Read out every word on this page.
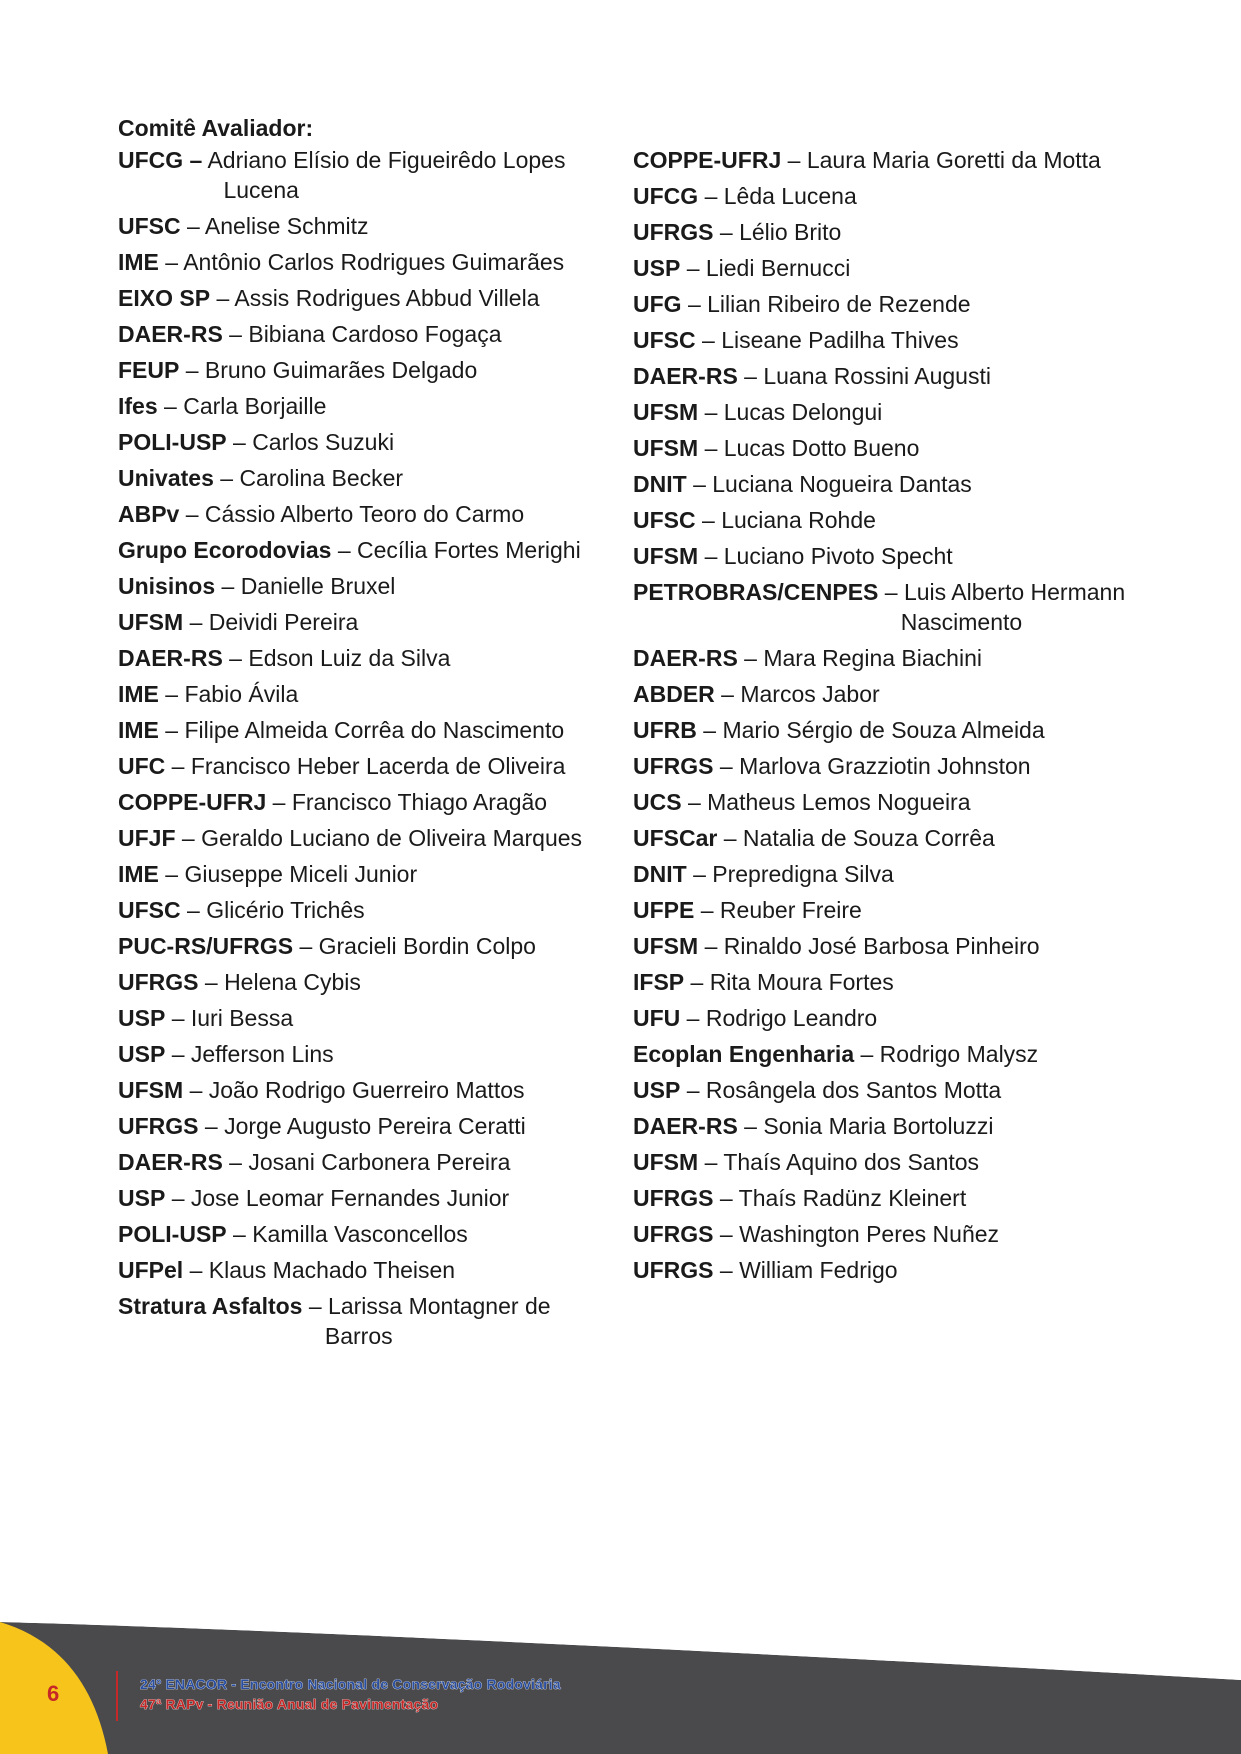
Comitê Avaliador:

UFCG – Adriano Elísio de Figueirêdo Lopes
Lucena

UFSC – Anelise Schmitz

IME – Antônio Carlos Rodrigues Guimarães

EIXO SP – Assis Rodrigues Abbud Villela

DAER-RS – Bibiana Cardoso Fogaça

FEUP – Bruno Guimarães Delgado

Ifes – Carla Borjaille

POLI-USP – Carlos Suzuki

Univates – Carolina Becker

ABPv – Cássio Alberto Teoro do Carmo

Grupo Ecorodovias – Cecília Fortes Merighi

Unisinos – Danielle Bruxel

UFSM – Deividi Pereira

DAER-RS – Edson Luiz da Silva

IME – Fabio Ávila

IME – Filipe Almeida Corrêa do Nascimento

UFC – Francisco Heber Lacerda de Oliveira

COPPE-UFRJ – Francisco Thiago Aragão

UFJF – Geraldo Luciano de Oliveira Marques

IME – Giuseppe Miceli Junior

UFSC – Glicério Trichês

PUC-RS/UFRGS – Gracieli Bordin Colpo

UFRGS – Helena Cybis

USP – Iuri Bessa

USP – Jefferson Lins

UFSM – João Rodrigo Guerreiro Mattos

UFRGS – Jorge Augusto Pereira Ceratti

DAER-RS – Josani Carbonera Pereira

USP – Jose Leomar Fernandes Junior

POLI-USP – Kamilla Vasconcellos

UFPel – Klaus Machado Theisen

Stratura Asfaltos – Larissa Montagner de
Barros

COPPE-UFRJ – Laura Maria Goretti da Motta

UFCG – Lêda Lucena

UFRGS – Lélio Brito

USP – Liedi Bernucci

UFG – Lilian Ribeiro de Rezende

UFSC – Liseane Padilha Thives

DAER-RS – Luana Rossini Augusti

UFSM – Lucas Delongui

UFSM – Lucas Dotto Bueno

DNIT – Luciana Nogueira Dantas

UFSC – Luciana Rohde

UFSM – Luciano Pivoto Specht

PETROBRAS/CENPES – Luis Alberto Hermann
Nascimento

DAER-RS – Mara Regina Biachini

ABDER – Marcos Jabor

UFRB – Mario Sérgio de Souza Almeida

UFRGS – Marlova Grazziotin Johnston

UCS – Matheus Lemos Nogueira

UFSCar – Natalia de Souza Corrêa

DNIT – Prepredigna Silva

UFPE – Reuber Freire

UFSM – Rinaldo José Barbosa Pinheiro

IFSP – Rita Moura Fortes

UFU – Rodrigo Leandro

Ecoplan Engenharia – Rodrigo Malysz

USP – Rosângela dos Santos Motta

DAER-RS – Sonia Maria Bortoluzzi

UFSM – Thaís Aquino dos Santos

UFRGS – Thaís Radünz Kleinert

UFRGS – Washington Peres Nuñez

UFRGS – William Fedrigo

6	24º ENACOR - Encontro Nacional de Conservação Rodoviária
47ª RAPv - Reunião Anual de Pavimentação
